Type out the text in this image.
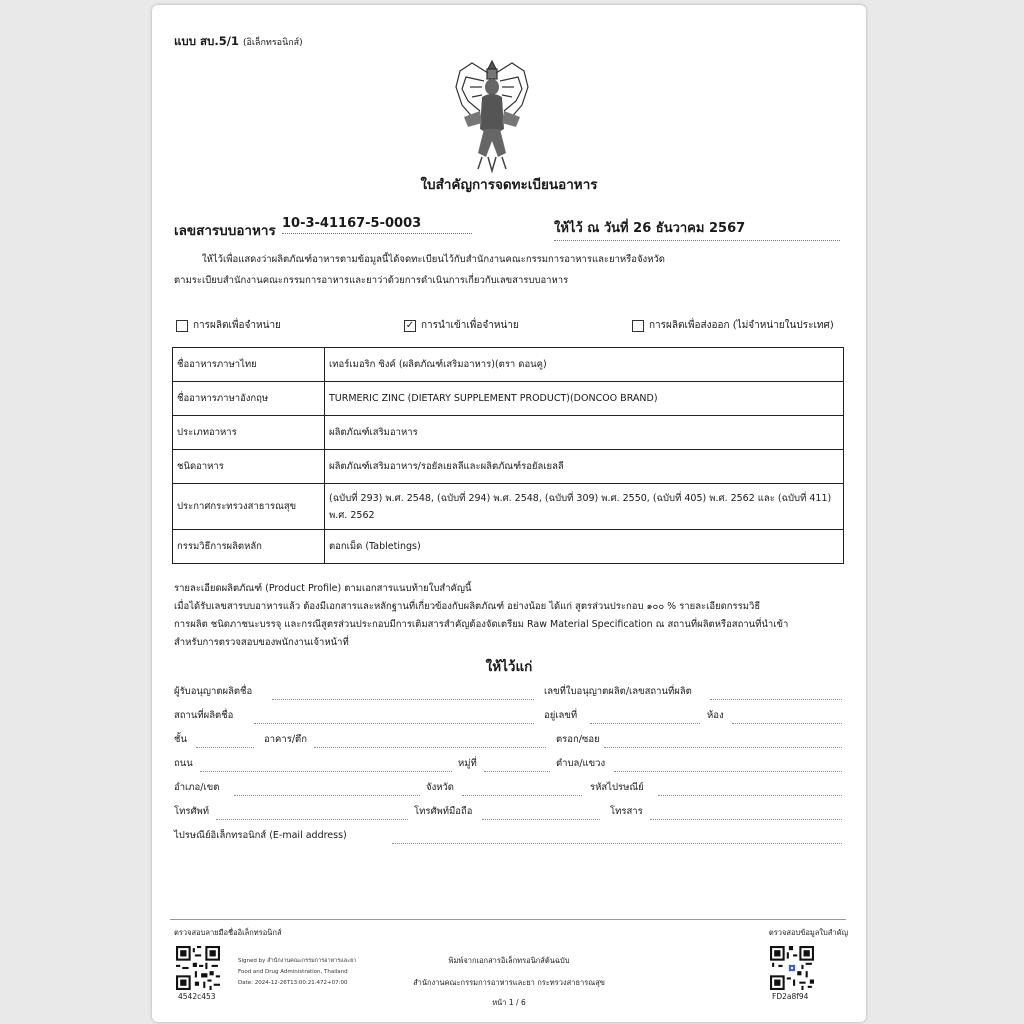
แบบ สบ.5/1 (อิเล็กทรอนิกส์)
ใบสำคัญการจดทะเบียนอาหาร
เลขสารบบอาหาร 10-3-41167-5-0003	ให้ไว้ ณ วันที่ 26 ธันวาคม 2567
ให้ไว้เพื่อแสดงว่าผลิตภัณฑ์อาหารตามข้อมูลนี้ได้จดทะเบียนไว้กับสำนักงานคณะกรรมการอาหารและยาหรือจังหวัด
ตามระเบียบสำนักงานคณะกรรมการอาหารและยาว่าด้วยการดำเนินการเกี่ยวกับเลขสารบบอาหาร
การผลิตเพื่อจำหน่าย	✓ การนำเข้าเพื่อจำหน่าย	การผลิตเพื่อส่งออก (ไม่จำหน่ายในประเทศ)
ชื่ออาหารภาษาไทย	เทอร์เมอริก ซิงค์ (ผลิตภัณฑ์เสริมอาหาร)(ตรา ดอนคู)
ชื่ออาหารภาษาอังกฤษ	TURMERIC ZINC (DIETARY SUPPLEMENT PRODUCT)(DONCOO BRAND)
ประเภทอาหาร	ผลิตภัณฑ์เสริมอาหาร
ชนิดอาหาร	ผลิตภัณฑ์เสริมอาหาร/รอยัลเยลลีและผลิตภัณฑ์รอยัลเยลลี
ประกาศกระทรวงสาธารณสุข	(ฉบับที่ 293) พ.ศ. 2548, (ฉบับที่ 294) พ.ศ. 2548, (ฉบับที่ 309) พ.ศ. 2550, (ฉบับที่ 405) พ.ศ. 2562 และ (ฉบับที่ 411) พ.ศ. 2562
กรรมวิธีการผลิตหลัก	ตอกเม็ด (Tabletings)
รายละเอียดผลิตภัณฑ์ (Product Profile) ตามเอกสารแนบท้ายใบสำคัญนี้
เมื่อได้รับเลขสารบบอาหารแล้ว ต้องมีเอกสารและหลักฐานที่เกี่ยวข้องกับผลิตภัณฑ์ อย่างน้อย ได้แก่ สูตรส่วนประกอบ ๑๐๐ % รายละเอียดกรรมวิธี
การผลิต ชนิดภาชนะบรรจุ และกรณีสูตรส่วนประกอบมีการเติมสารสำคัญต้องจัดเตรียม Raw Material Specification ณ สถานที่ผลิตหรือสถานที่นำเข้า
สำหรับการตรวจสอบของพนักงานเจ้าหน้าที่
ให้ไว้แก่
ผู้รับอนุญาตผลิตชื่อ	เลขที่ใบอนุญาตผลิต/เลขสถานที่ผลิต
สถานที่ผลิตชื่อ	อยู่เลขที่	ห้อง
ชั้น	อาคาร/ตึก	ตรอก/ซอย
ถนน	หมู่ที่	ตำบล/แขวง
อำเภอ/เขต	จังหวัด	รหัสไปรษณีย์
โทรศัพท์	โทรศัพท์มือถือ	โทรสาร
ไปรษณีย์อิเล็กทรอนิกส์ (E-mail address)
ตรวจสอบลายมือชื่ออิเล็กทรอนิกส์	ตรวจสอบข้อมูลใบสำคัญ
4542c453
Signed by สำนักงานคณะกรรมการอาหารและยา
Food and Drug Administration, Thailand
Date: 2024-12-26T13:00:21.472+07:00
พิมพ์จากเอกสารอิเล็กทรอนิกส์ต้นฉบับ
สำนักงานคณะกรรมการอาหารและยา กระทรวงสาธารณสุข
หน้า 1 / 6
FD2a8f94
